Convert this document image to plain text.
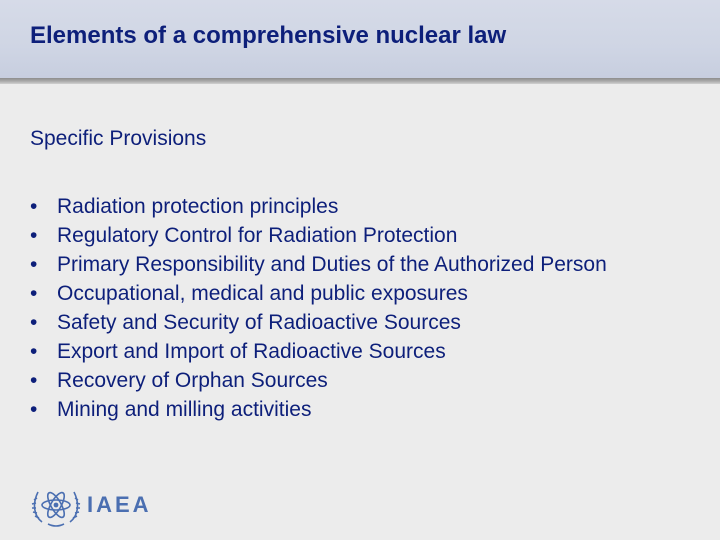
Elements of a comprehensive nuclear law
Specific Provisions
• Radiation protection principles
• Regulatory Control for Radiation Protection
• Primary Responsibility and Duties of the Authorized Person
• Occupational, medical and public exposures
• Safety and Security of Radioactive Sources
• Export and Import of Radioactive Sources
• Recovery of Orphan Sources
• Mining and milling activities
IAEA
